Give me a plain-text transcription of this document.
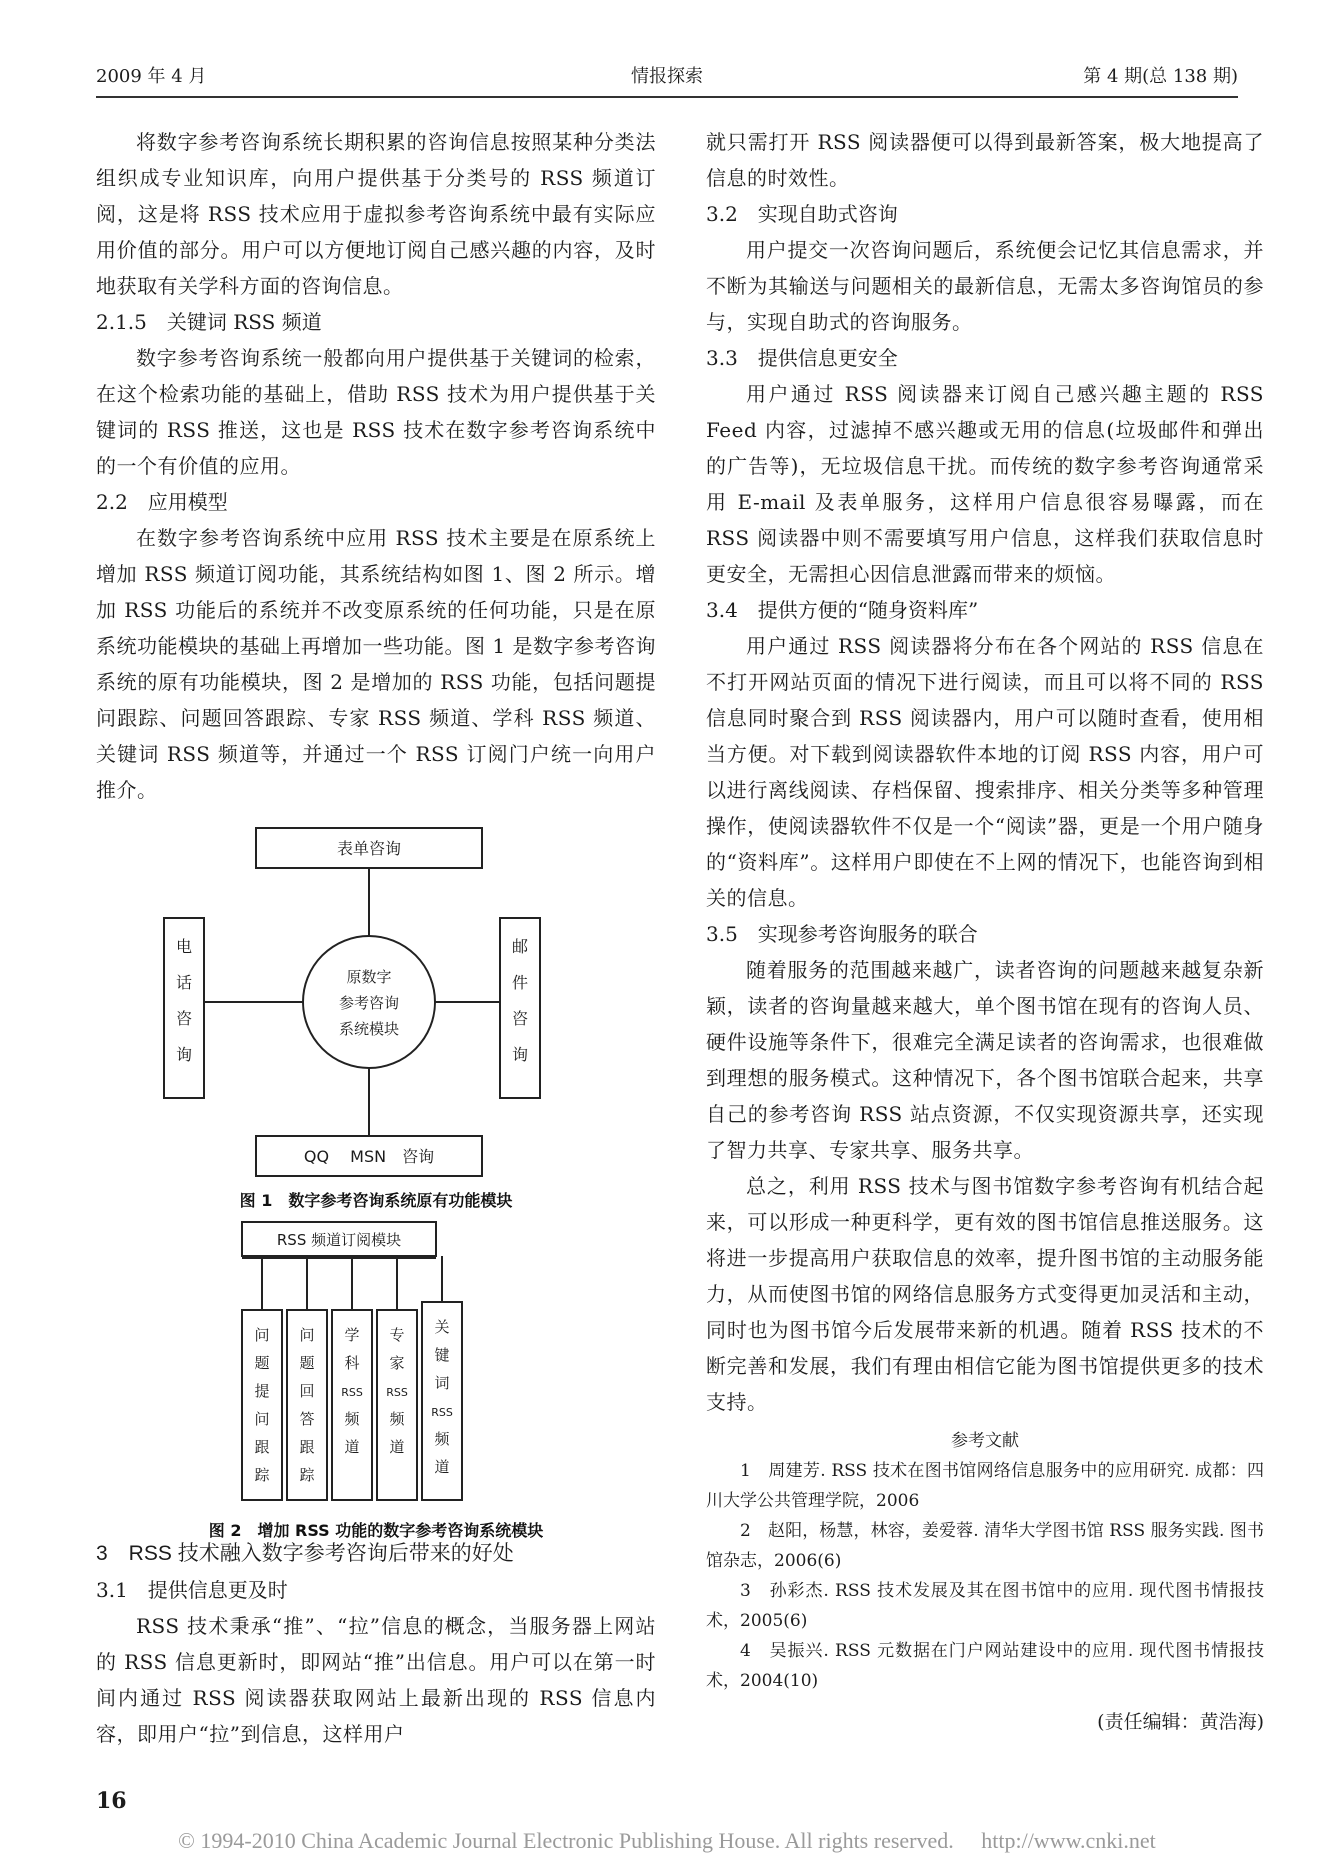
2009 年 4 月	情报探索	第 4 期(总 138 期)

将数字参考咨询系统长期积累的咨询信息按照某种分类法组织成专业知识库，向用户提供基于分类号的 RSS 频道订阅，这是将 RSS 技术应用于虚拟参考咨询系统中最有实际应用价值的部分。用户可以方便地订阅自己感兴趣的内容，及时地获取有关学科方面的咨询信息。

2.1.5　关键词 RSS 频道

数字参考咨询系统一般都向用户提供基于关键词的检索，在这个检索功能的基础上，借助 RSS 技术为用户提供基于关键词的 RSS 推送，这也是 RSS 技术在数字参考咨询系统中的一个有价值的应用。

2.2　应用模型

在数字参考咨询系统中应用 RSS 技术主要是在原系统上增加 RSS 频道订阅功能，其系统结构如图 1、图 2 所示。增加 RSS 功能后的系统并不改变原系统的任何功能，只是在原系统功能模块的基础上再增加一些功能。图 1 是数字参考咨询系统的原有功能模块，图 2 是增加的 RSS 功能，包括问题提问跟踪、问题回答跟踪、专家 RSS 频道、学科 RSS 频道、关键词 RSS 频道等，并通过一个 RSS 订阅门户统一向用户推介。

表单咨询
电
话
咨
询
邮
件
咨
询
原数字
参考咨询
系统模块
QQ　 MSN　咨询
图 1　数字参考咨询系统原有功能模块
RSS 频道订阅模块
问
题
提
问
跟
踪
问
题
回
答
跟
踪
学
科
RSS
频
道
专
家
RSS
频
道
关
键
词
RSS
频
道
图 2　增加 RSS 功能的数字参考咨询系统模块

3　RSS 技术融入数字参考咨询后带来的好处

3.1　提供信息更及时

RSS 技术秉承“推”、“拉”信息的概念，当服务器上网站的 RSS 信息更新时，即网站“推”出信息。用户可以在第一时间内通过 RSS 阅读器获取网站上最新出现的 RSS 信息内容，即用户“拉”到信息，这样用户

就只需打开 RSS 阅读器便可以得到最新答案，极大地提高了信息的时效性。

3.2　实现自助式咨询

用户提交一次咨询问题后，系统便会记忆其信息需求，并不断为其输送与问题相关的最新信息，无需太多咨询馆员的参与，实现自助式的咨询服务。

3.3　提供信息更安全

用户通过 RSS 阅读器来订阅自己感兴趣主题的 RSS Feed 内容，过滤掉不感兴趣或无用的信息(垃圾邮件和弹出的广告等)，无垃圾信息干扰。而传统的数字参考咨询通常采用 E-mail 及表单服务，这样用户信息很容易曝露，而在 RSS 阅读器中则不需要填写用户信息，这样我们获取信息时更安全，无需担心因信息泄露而带来的烦恼。

3.4　提供方便的“随身资料库”

用户通过 RSS 阅读器将分布在各个网站的 RSS 信息在不打开网站页面的情况下进行阅读，而且可以将不同的 RSS 信息同时聚合到 RSS 阅读器内，用户可以随时查看，使用相当方便。对下载到阅读器软件本地的订阅 RSS 内容，用户可以进行离线阅读、存档保留、搜索排序、相关分类等多种管理操作，使阅读器软件不仅是一个“阅读”器，更是一个用户随身的“资料库”。这样用户即使在不上网的情况下，也能咨询到相关的信息。

3.5　实现参考咨询服务的联合

随着服务的范围越来越广，读者咨询的问题越来越复杂新颖，读者的咨询量越来越大，单个图书馆在现有的咨询人员、硬件设施等条件下，很难完全满足读者的咨询需求，也很难做到理想的服务模式。这种情况下，各个图书馆联合起来，共享自己的参考咨询 RSS 站点资源，不仅实现资源共享，还实现了智力共享、专家共享、服务共享。

总之，利用 RSS 技术与图书馆数字参考咨询有机结合起来，可以形成一种更科学，更有效的图书馆信息推送服务。这将进一步提高用户获取信息的效率，提升图书馆的主动服务能力，从而使图书馆的网络信息服务方式变得更加灵活和主动，同时也为图书馆今后发展带来新的机遇。随着 RSS 技术的不断完善和发展，我们有理由相信它能为图书馆提供更多的技术支持。

参考文献

1　周建芳. RSS 技术在图书馆网络信息服务中的应用研究. 成都：四川大学公共管理学院，2006

2　赵阳，杨慧，林容，姜爱蓉. 清华大学图书馆 RSS 服务实践. 图书馆杂志，2006(6)

3　孙彩杰. RSS 技术发展及其在图书馆中的应用. 现代图书情报技术，2005(6)

4　吴振兴. RSS 元数据在门户网站建设中的应用. 现代图书情报技术，2004(10)

(责任编辑：黄浩海)
16
© 1994-2010 China Academic Journal Electronic Publishing House. All rights reserved.　 http://www.cnki.net
